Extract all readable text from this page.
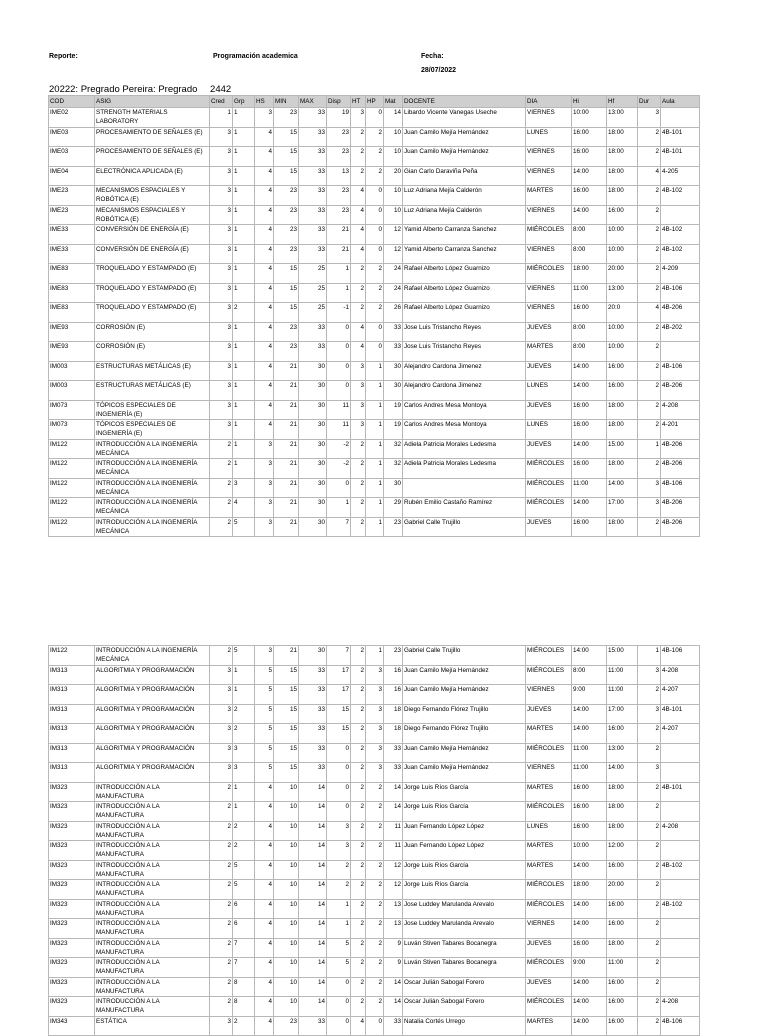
Reporte:	Programación academica	Fecha:
28/07/2022
20222: Pregrado Pereira: Pregrado 2442
COD	ASIG	Cred	Grp	HS	MIN	MAX	Disp	HT	HP	Mat	DOCENTE	DIA	Hi	Hf	Dur	Aula
IME02	STRENGTH MATERIALS LABORATORY	1	1	3	23	33	19	3	0	14	Libardo Vicente Vanegas Useche	VIERNES	10:00	13:00	3	
IME03	PROCESAMIENTO DE SEÑALES (E)	3	1	4	15	33	23	2	2	10	Juan Camilo Mejía Hernández	LUNES	16:00	18:00	2	4B-101
IME03	PROCESAMIENTO DE SEÑALES (E)	3	1	4	15	33	23	2	2	10	Juan Camilo Mejía Hernández	VIERNES	16:00	18:00	2	4B-101
IME04	ELECTRÓNICA APLICADA (E)	3	1	4	15	33	13	2	2	20	Gian Carlo Daraviña Peña	VIERNES	14:00	18:00	4	4-205
IME23	MECANISMOS ESPACIALES Y ROBÓTICA (E)	3	1	4	23	33	23	4	0	10	Luz Adriana Mejía Calderón	MARTES	16:00	18:00	2	4B-102
IME23	MECANISMOS ESPACIALES Y ROBÓTICA (E)	3	1	4	23	33	23	4	0	10	Luz Adriana Mejía Calderón	VIERNES	14:00	16:00	2	
IME33	CONVERSIÓN DE ENERGÍA (E)	3	1	4	23	33	21	4	0	12	Yamid Alberto Carranza Sanchez	MIÉRCOLES	8:00	10:00	2	4B-102
IME33	CONVERSIÓN DE ENERGÍA (E)	3	1	4	23	33	21	4	0	12	Yamid Alberto Carranza Sanchez	VIERNES	8:00	10:00	2	4B-102
IME83	TROQUELADO Y ESTAMPADO (E)	3	1	4	15	25	1	2	2	24	Rafael Alberto López Guarnizo	MIÉRCOLES	18:00	20:00	2	4-209
IME83	TROQUELADO Y ESTAMPADO (E)	3	1	4	15	25	1	2	2	24	Rafael Alberto López Guarnizo	VIERNES	11:00	13:00	2	4B-106
IME83	TROQUELADO Y ESTAMPADO (E)	3	2	4	15	25	-1	2	2	26	Rafael Alberto López Guarnizo	VIERNES	16:00	20:0	4	4B-206
IME93	CORROSIÓN (E)	3	1	4	23	33	0	4	0	33	Jose Luis Tristancho Reyes	JUEVES	8:00	10:00	2	4B-202
IME93	CORROSIÓN (E)	3	1	4	23	33	0	4	0	33	Jose Luis Tristancho Reyes	MARTES	8:00	10:00	2	
IM003	ESTRUCTURAS METÁLICAS (E)	3	1	4	21	30	0	3	1	30	Alejandro Cardona Jimenez	JUEVES	14:00	16:00	2	4B-106
IM003	ESTRUCTURAS METÁLICAS (E)	3	1	4	21	30	0	3	1	30	Alejandro Cardona Jimenez	LUNES	14:00	16:00	2	4B-206
IM073	TÓPICOS ESPECIALES DE INGENIERÍA (E)	3	1	4	21	30	11	3	1	19	Carlos Andres Mesa Montoya	JUEVES	16:00	18:00	2	4-208
IM073	TÓPICOS ESPECIALES DE INGENIERÍA (E)	3	1	4	21	30	11	3	1	19	Carlos Andres Mesa Montoya	LUNES	16:00	18:00	2	4-201
IM122	INTRODUCCIÓN A LA INGENIERÍA MECÁNICA	2	1	3	21	30	-2	2	1	32	Adiela Patricia Morales Ledesma	JUEVES	14:00	15:00	1	4B-206
IM122	INTRODUCCIÓN A LA INGENIERÍA MECÁNICA	2	1	3	21	30	-2	2	1	32	Adiela Patricia Morales Ledesma	MIÉRCOLES	16:00	18:00	2	4B-206
IM122	INTRODUCCIÓN A LA INGENIERÍA MECÁNICA	2	3	3	21	30	0	2	1	30		MIÉRCOLES	11:00	14:00	3	4B-106
IM122	INTRODUCCIÓN A LA INGENIERÍA MECÁNICA	2	4	3	21	30	1	2	1	29	Rubén Emilio Castaño Ramírez	MIÉRCOLES	14:00	17:00	3	4B-206
IM122	INTRODUCCIÓN A LA INGENIERÍA MECÁNICA	2	5	3	21	30	7	2	1	23	Gabriel Calle Trujillo	JUEVES	16:00	18:00	2	4B-206
IM122	INTRODUCCIÓN A LA INGENIERÍA MECÁNICA	2	5	3	21	30	7	2	1	23	Gabriel Calle Trujillo	MIÉRCOLES	14:00	15:00	1	4B-106
IM313	ALGORITMIA Y PROGRAMACIÓN	3	1	5	15	33	17	2	3	16	Juan Camilo Mejía Hernández	MIÉRCOLES	8:00	11:00	3	4-208
IM313	ALGORITMIA Y PROGRAMACIÓN	3	1	5	15	33	17	2	3	16	Juan Camilo Mejía Hernández	VIERNES	9:00	11:00	2	4-207
IM313	ALGORITMIA Y PROGRAMACIÓN	3	2	5	15	33	15	2	3	18	Diego Fernando Flórez Trujillo	JUEVES	14:00	17:00	3	4B-101
IM313	ALGORITMIA Y PROGRAMACIÓN	3	2	5	15	33	15	2	3	18	Diego Fernando Flórez Trujillo	MARTES	14:00	16:00	2	4-207
IM313	ALGORITMIA Y PROGRAMACIÓN	3	3	5	15	33	0	2	3	33	Juan Camilo Mejía Hernández	MIÉRCOLES	11:00	13:00	2	
IM313	ALGORITMIA Y PROGRAMACIÓN	3	3	5	15	33	0	2	3	33	Juan Camilo Mejía Hernández	VIERNES	11:00	14:00	3	
IM323	INTRODUCCIÓN A LA MANUFACTURA	2	1	4	10	14	0	2	2	14	Jorge Luis Ríos García	MARTES	16:00	18:00	2	4B-101
IM323	INTRODUCCIÓN A LA MANUFACTURA	2	1	4	10	14	0	2	2	14	Jorge Luis Ríos García	MIÉRCOLES	16:00	18:00	2	
IM323	INTRODUCCIÓN A LA MANUFACTURA	2	2	4	10	14	3	2	2	11	Juan Fernando López López	LUNES	16:00	18:00	2	4-208
IM323	INTRODUCCIÓN A LA MANUFACTURA	2	2	4	10	14	3	2	2	11	Juan Fernando López López	MARTES	10:00	12:00	2	
IM323	INTRODUCCIÓN A LA MANUFACTURA	2	5	4	10	14	2	2	2	12	Jorge Luis Ríos García	MARTES	14:00	16:00	2	4B-102
IM323	INTRODUCCIÓN A LA MANUFACTURA	2	5	4	10	14	2	2	2	12	Jorge Luis Ríos García	MIÉRCOLES	18:00	20:00	2	
IM323	INTRODUCCIÓN A LA MANUFACTURA	2	6	4	10	14	1	2	2	13	Jose Luddey Marulanda Arevalo	MIÉRCOLES	14:00	16:00	2	4B-102
IM323	INTRODUCCIÓN A LA MANUFACTURA	2	6	4	10	14	1	2	2	13	Jose Luddey Marulanda Arevalo	VIERNES	14:00	16:00	2	
IM323	INTRODUCCIÓN A LA MANUFACTURA	2	7	4	10	14	5	2	2	9	Luván Stiven Tabares Bocanegra	JUEVES	16:00	18:00	2	
IM323	INTRODUCCIÓN A LA MANUFACTURA	2	7	4	10	14	5	2	2	9	Luván Stiven Tabares Bocanegra	MIÉRCOLES	9:00	11:00	2	
IM323	INTRODUCCIÓN A LA MANUFACTURA	2	8	4	10	14	0	2	2	14	Oscar Julián Sabogal Forero	JUEVES	14:00	16:00	2	
IM323	INTRODUCCIÓN A LA MANUFACTURA	2	8	4	10	14	0	2	2	14	Oscar Julián Sabogal Forero	MIÉRCOLES	14:00	16:00	2	4-208
IM343	ESTÁTICA	3	2	4	23	33	0	4	0	33	Natalia Cortés Urrego	MARTES	14:00	16:00	2	4B-106
